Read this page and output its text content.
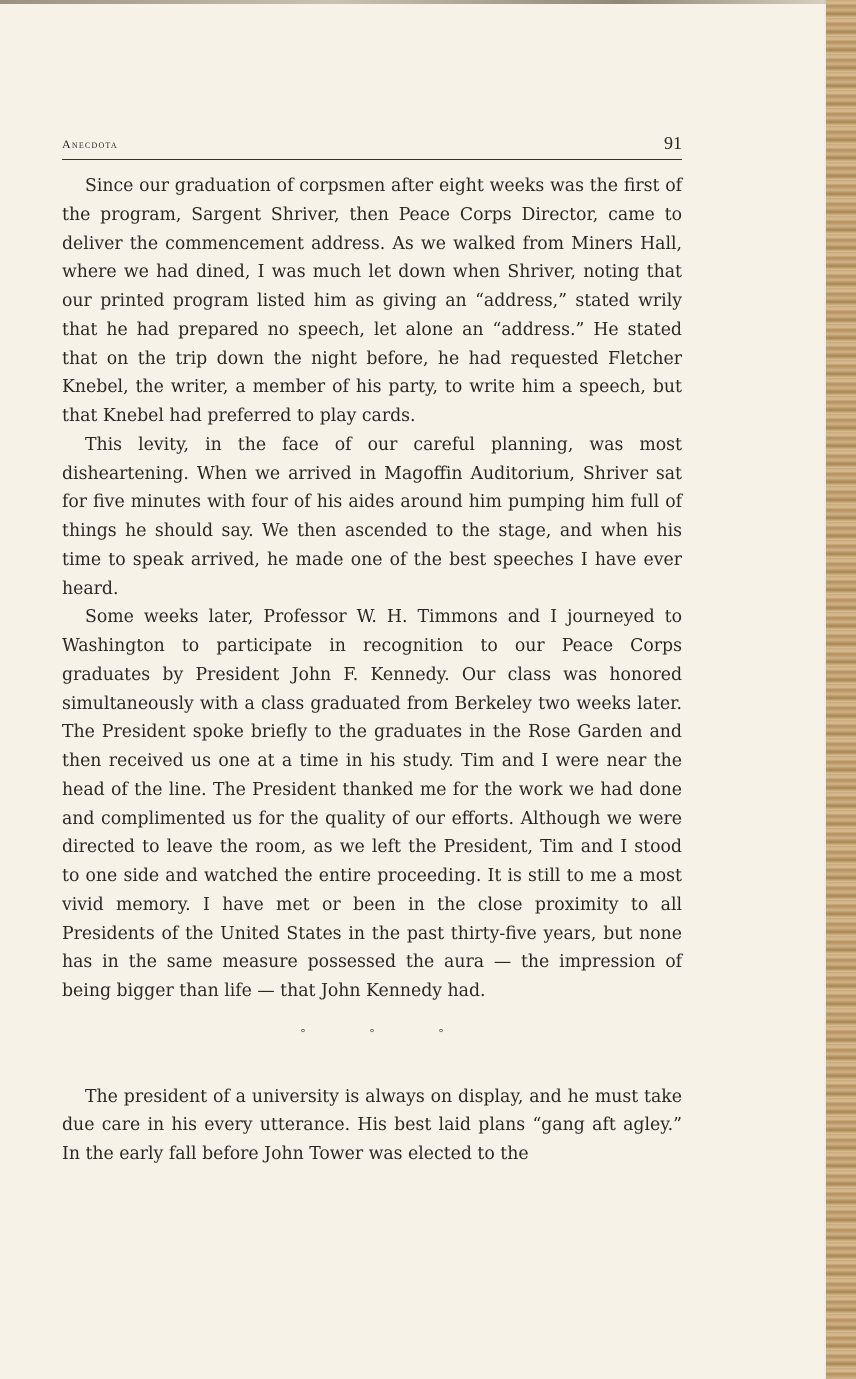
Anecdota	91

Since our graduation of corpsmen after eight weeks was the first of the program, Sargent Shriver, then Peace Corps Director, came to deliver the commencement address. As we walked from Miners Hall, where we had dined, I was much let down when Shriver, noting that our printed program listed him as giving an “address,” stated wrily that he had prepared no speech, let alone an “address.” He stated that on the trip down the night before, he had requested Fletcher Knebel, the writer, a member of his party, to write him a speech, but that Knebel had preferred to play cards.

This levity, in the face of our careful planning, was most disheartening. When we arrived in Magoffin Auditorium, Shriver sat for five minutes with four of his aides around him pumping him full of things he should say. We then ascended to the stage, and when his time to speak arrived, he made one of the best speeches I have ever heard.

Some weeks later, Professor W. H. Timmons and I journeyed to Washington to participate in recognition to our Peace Corps graduates by President John F. Kennedy. Our class was honored simultaneously with a class graduated from Berkeley two weeks later. The President spoke briefly to the graduates in the Rose Garden and then received us one at a time in his study. Tim and I were near the head of the line. The President thanked me for the work we had done and complimented us for the quality of our efforts. Although we were directed to leave the room, as we left the President, Tim and I stood to one side and watched the entire proceeding. It is still to me a most vivid memory. I have met or been in the close proximity to all Presidents of the United States in the past thirty-five years, but none has in the same measure possessed the aura — the impression of being bigger than life — that John Kennedy had.

° ° °

The president of a university is always on display, and he must take due care in his every utterance. His best laid plans “gang aft agley.” In the early fall before John Tower was elected to the
